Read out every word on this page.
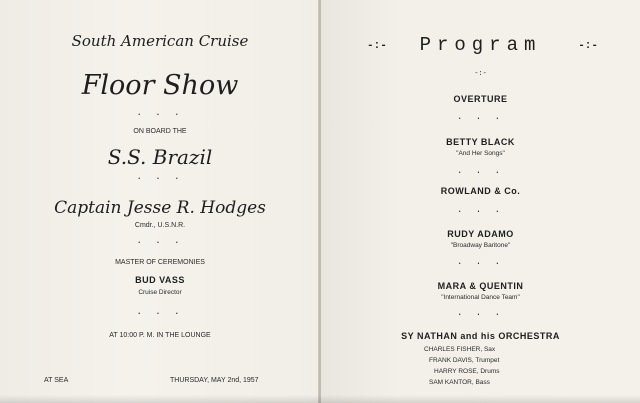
South American Cruise
Floor Show
. . .
ON BOARD THE
S.S. Brazil
. . .
Captain Jesse R. Hodges
Cmdr., U.S.N.R.
. . .
MASTER OF CEREMONIES
BUD VASS
Cruise Director
. . .
AT 10:00 P. M. IN THE LOUNGE
AT SEA	THURSDAY, MAY 2nd, 1957
-:-	-:-
Program
-:-
OVERTURE
. . .
BETTY BLACK
"And Her Songs"
. . .
ROWLAND & Co.
. . .
RUDY ADAMO
"Broadway Baritone"
. . .
MARA & QUENTIN
"International Dance Team"
. . .
SY NATHAN and his ORCHESTRA
CHARLES FISHER, Sax
FRANK DAVIS, Trumpet
HARRY ROSE, Drums
SAM KANTOR, Bass
